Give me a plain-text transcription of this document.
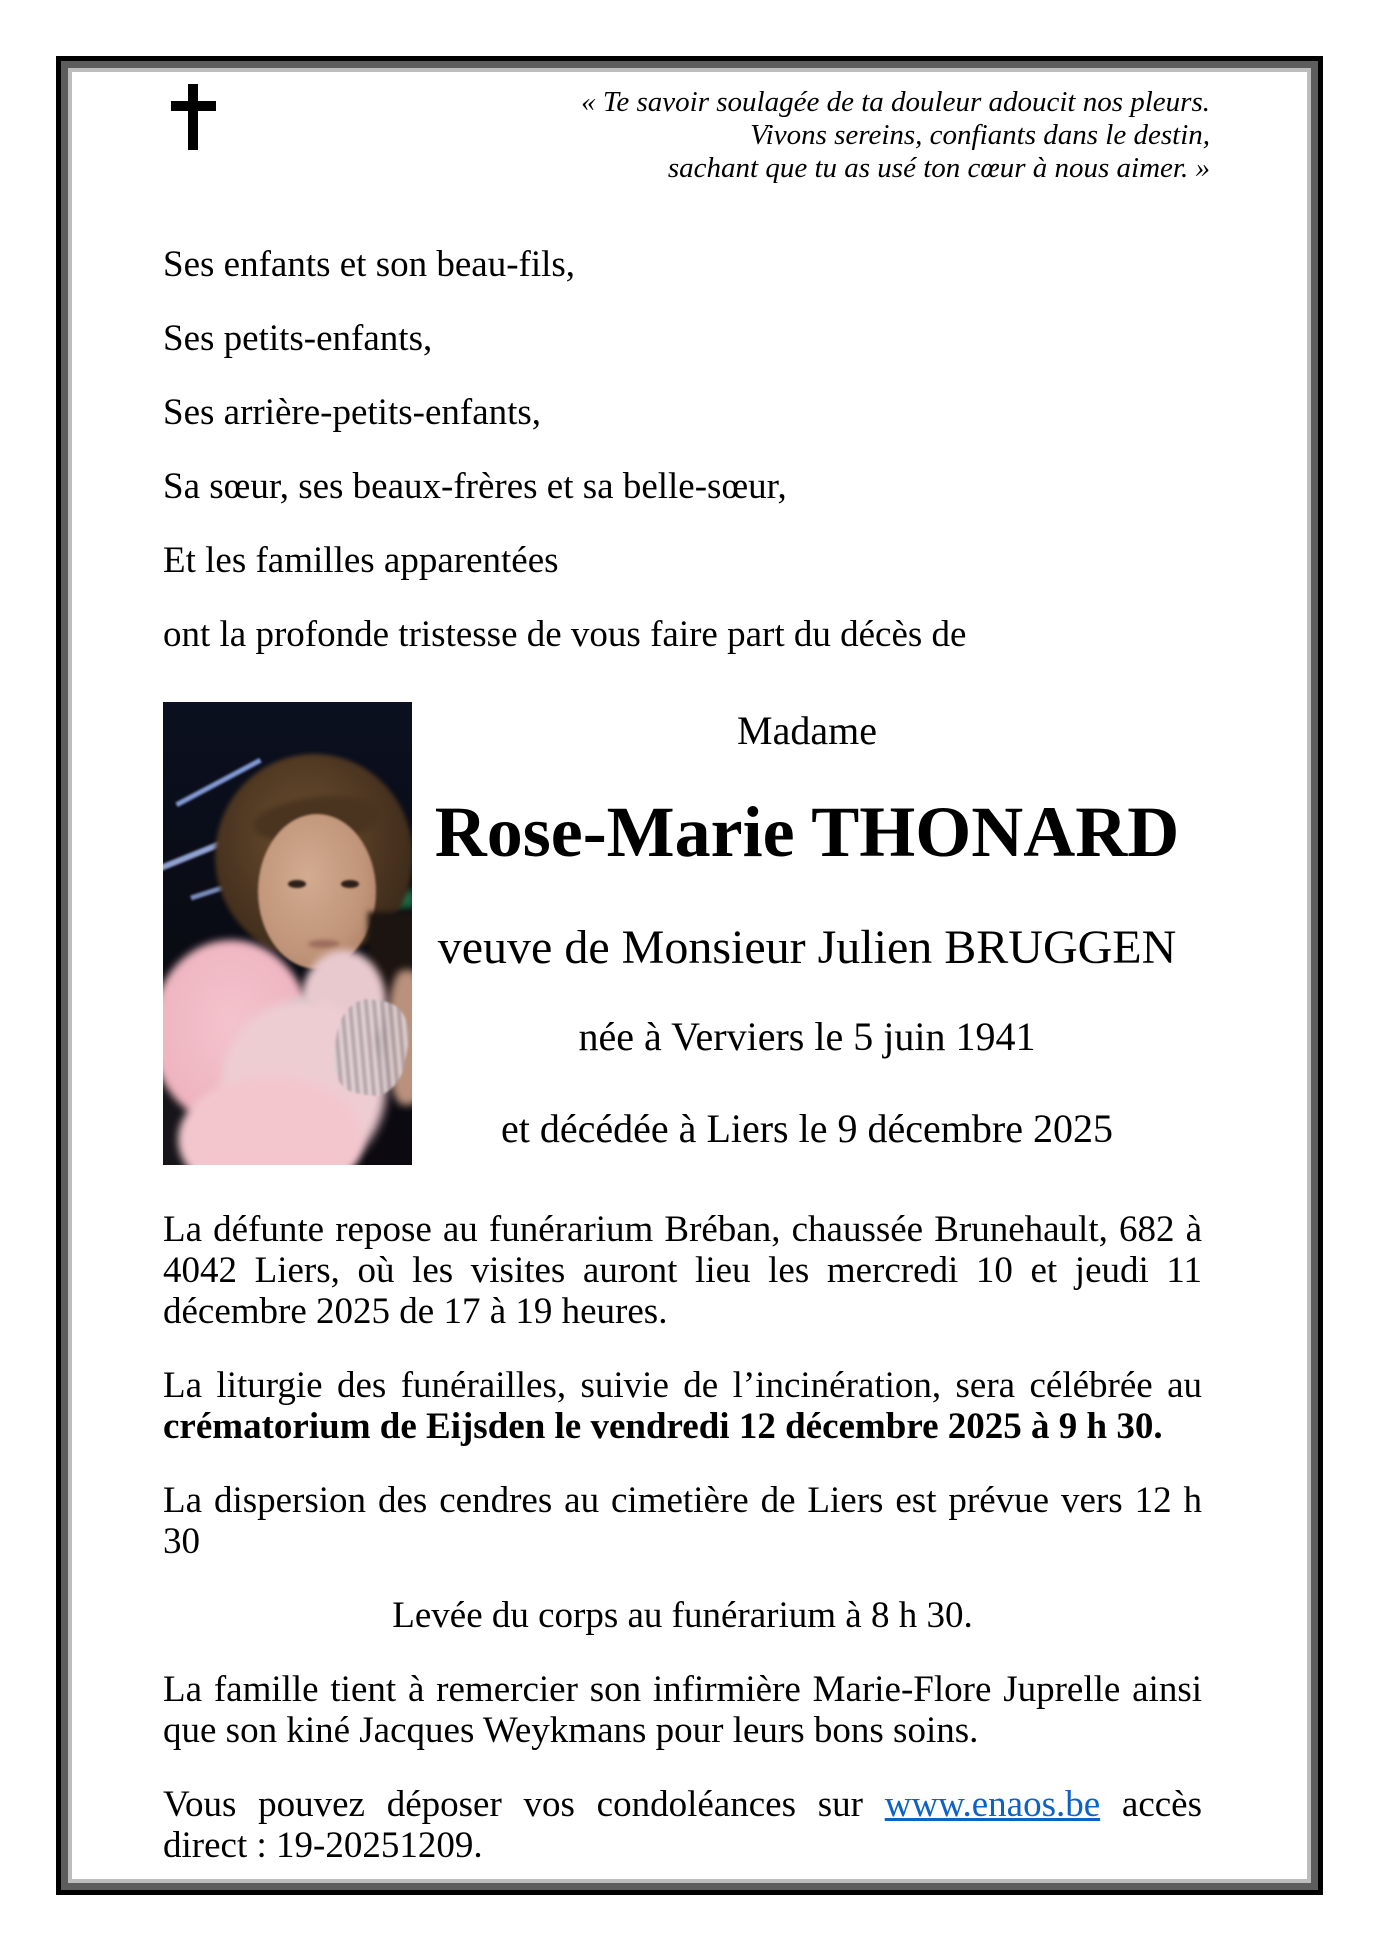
« Te savoir soulagée de ta douleur adoucit nos pleurs.
Vivons sereins, confiants dans le destin,
sachant que tu as usé ton cœur à nous aimer. »
Ses enfants et son beau-fils,
Ses petits-enfants,
Ses arrière-petits-enfants,
Sa sœur, ses beaux-frères et sa belle-sœur,
Et les familles apparentées
ont la profonde tristesse de vous faire part du décès de
Madame
Rose-Marie THONARD
veuve de Monsieur Julien BRUGGEN
née à Verviers le 5 juin 1941
et décédée à Liers le 9 décembre 2025

La défunte repose au funérarium Bréban, chaussée Brunehault, 682 à 4042 Liers, où les visites auront lieu les mercredi 10 et jeudi 11 décembre 2025 de 17 à 19 heures.

La liturgie des funérailles, suivie de l’incinération, sera célébrée au crématorium de Eijsden le vendredi 12 décembre 2025 à 9 h 30.

La dispersion des cendres au cimetière de Liers est prévue vers 12 h 30

Levée du corps au funérarium à 8 h 30.

La famille tient à remercier son infirmière Marie-Flore Juprelle ainsi que son kiné Jacques Weykmans pour leurs bons soins.

Vous pouvez déposer vos condoléances sur www.enaos.be accès direct : 19-20251209.
